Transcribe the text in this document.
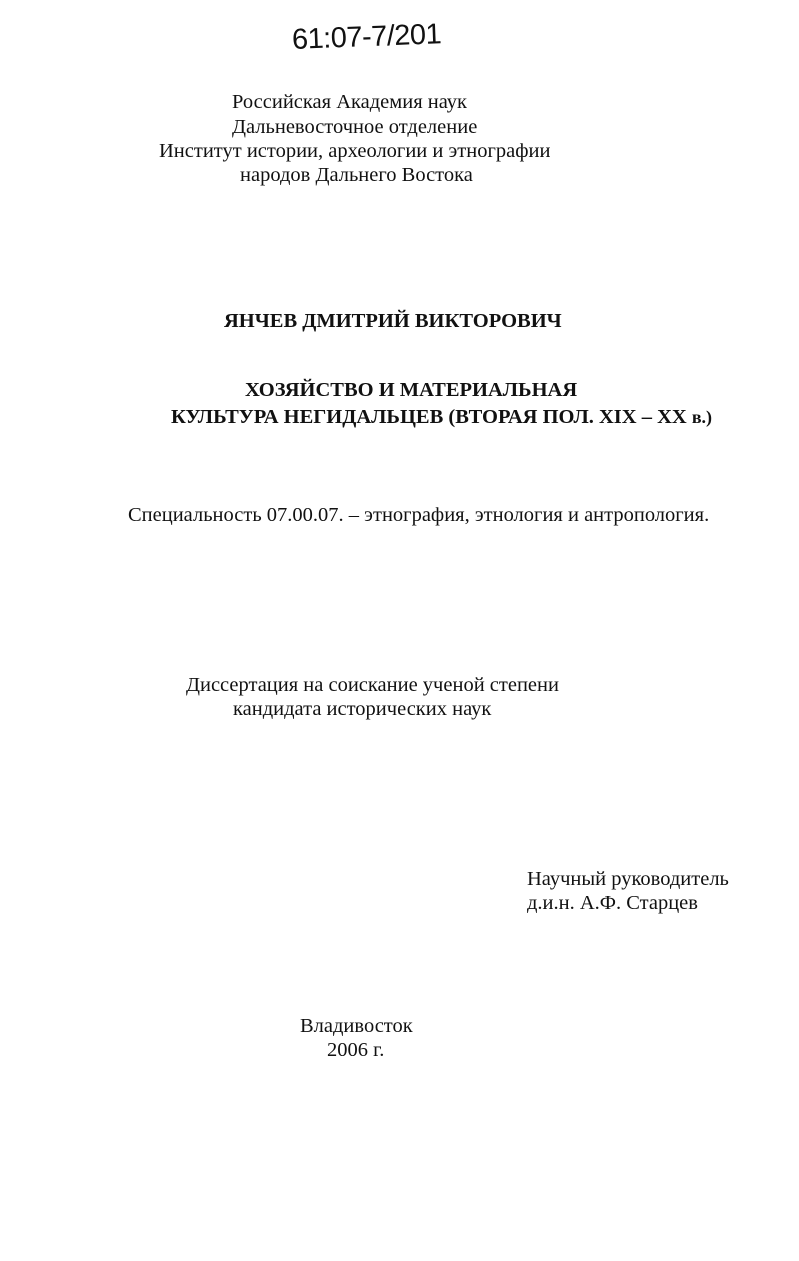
61:07-7/201
Российская Академия наук
Дальневосточное отделение
Институт истории, археологии и этнографии
народов Дальнего Востока
ЯНЧЕВ ДМИТРИЙ ВИКТОРОВИЧ
ХОЗЯЙСТВО И МАТЕРИАЛЬНАЯ
КУЛЬТУРА НЕГИДАЛЬЦЕВ (ВТОРАЯ ПОЛ. XIX – XX в.)
Специальность 07.00.07. – этнография, этнология и антропология.
Диссертация на соискание ученой степени
кандидата исторических наук
Научный руководитель
д.и.н. А.Ф. Старцев
Владивосток
2006 г.
